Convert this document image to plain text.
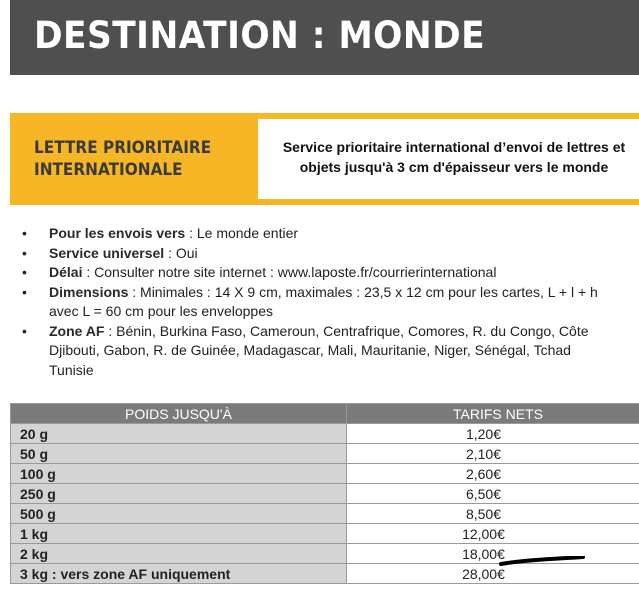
DESTINATION : MONDE
LETTRE PRIORITAIRE
INTERNATIONALE
Service prioritaire international d’envoi de lettres et
objets jusqu'à 3 cm d'épaisseur vers le monde
• Pour les envois vers : Le monde entier
• Service universel : Oui
• Délai : Consulter notre site internet : www.laposte.fr/courrierinternational
• Dimensions : Minimales : 14 X 9 cm, maximales : 23,5 x 12 cm pour les cartes, L + l + h
avec L = 60 cm pour les enveloppes
• Zone AF : Bénin, Burkina Faso, Cameroun, Centrafrique, Comores, R. du Congo, Côte
Djibouti, Gabon, R. de Guinée, Madagascar, Mali, Mauritanie, Niger, Sénégal, Tchad
Tunisie
POIDS JUSQU'À	TARIFS NETS
20 g	1,20€
50 g	2,10€
100 g	2,60€
250 g	6,50€
500 g	8,50€
1 kg	12,00€
2 kg	18,00€
3 kg : vers zone AF uniquement	28,00€
